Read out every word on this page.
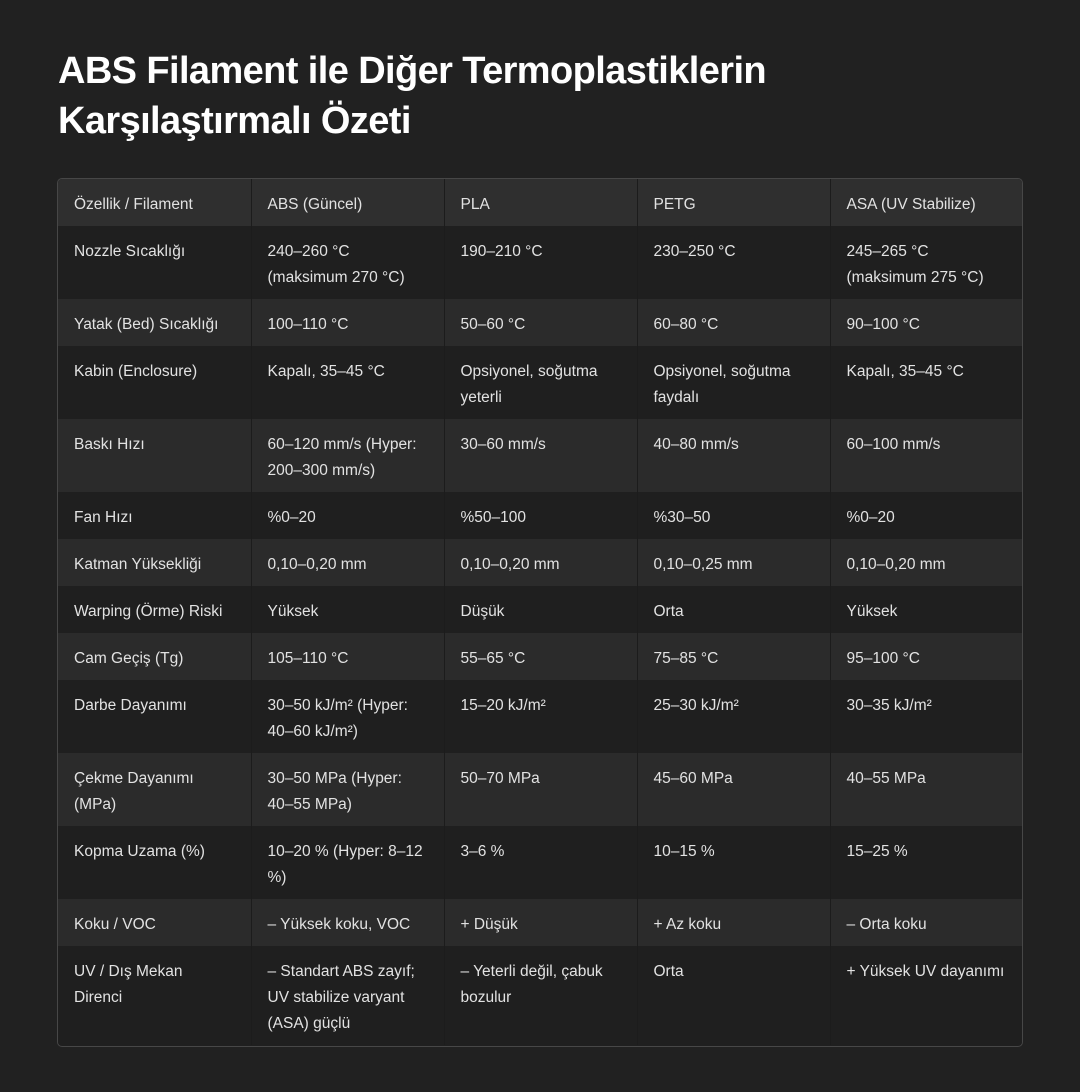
ABS Filament ile Diğer Termoplastiklerin Karşılaştırmalı Özeti
Özellik / Filament	ABS (Güncel)	PLA	PETG	ASA (UV Stabilize)
Nozzle Sıcaklığı	240–260 °C (maksimum 270 °C)	190–210 °C	230–250 °C	245–265 °C (maksimum 275 °C)
Yatak (Bed) Sıcaklığı	100–110 °C	50–60 °C	60–80 °C	90–100 °C
Kabin (Enclosure)	Kapalı, 35–45 °C	Opsiyonel, soğutma yeterli	Opsiyonel, soğutma faydalı	Kapalı, 35–45 °C
Baskı Hızı	60–120 mm/s (Hyper: 200–300 mm/s)	30–60 mm/s	40–80 mm/s	60–100 mm/s
Fan Hızı	%0–20	%50–100	%30–50	%0–20
Katman Yüksekliği	0,10–0,20 mm	0,10–0,20 mm	0,10–0,25 mm	0,10–0,20 mm
Warping (Örme) Riski	Yüksek	Düşük	Orta	Yüksek
Cam Geçiş (Tg)	105–110 °C	55–65 °C	75–85 °C	95–100 °C
Darbe Dayanımı	30–50 kJ/m² (Hyper: 40–60 kJ/m²)	15–20 kJ/m²	25–30 kJ/m²	30–35 kJ/m²
Çekme Dayanımı (MPa)	30–50 MPa (Hyper: 40–55 MPa)	50–70 MPa	45–60 MPa	40–55 MPa
Kopma Uzama (%)	10–20 % (Hyper: 8–12 %)	3–6 %	10–15 %	15–25 %
Koku / VOC	– Yüksek koku, VOC	+ Düşük	+ Az koku	– Orta koku
UV / Dış Mekan Direnci	– Standart ABS zayıf; UV stabilize varyant (ASA) güçlü	– Yeterli değil, çabuk bozulur	Orta	+ Yüksek UV dayanımı
